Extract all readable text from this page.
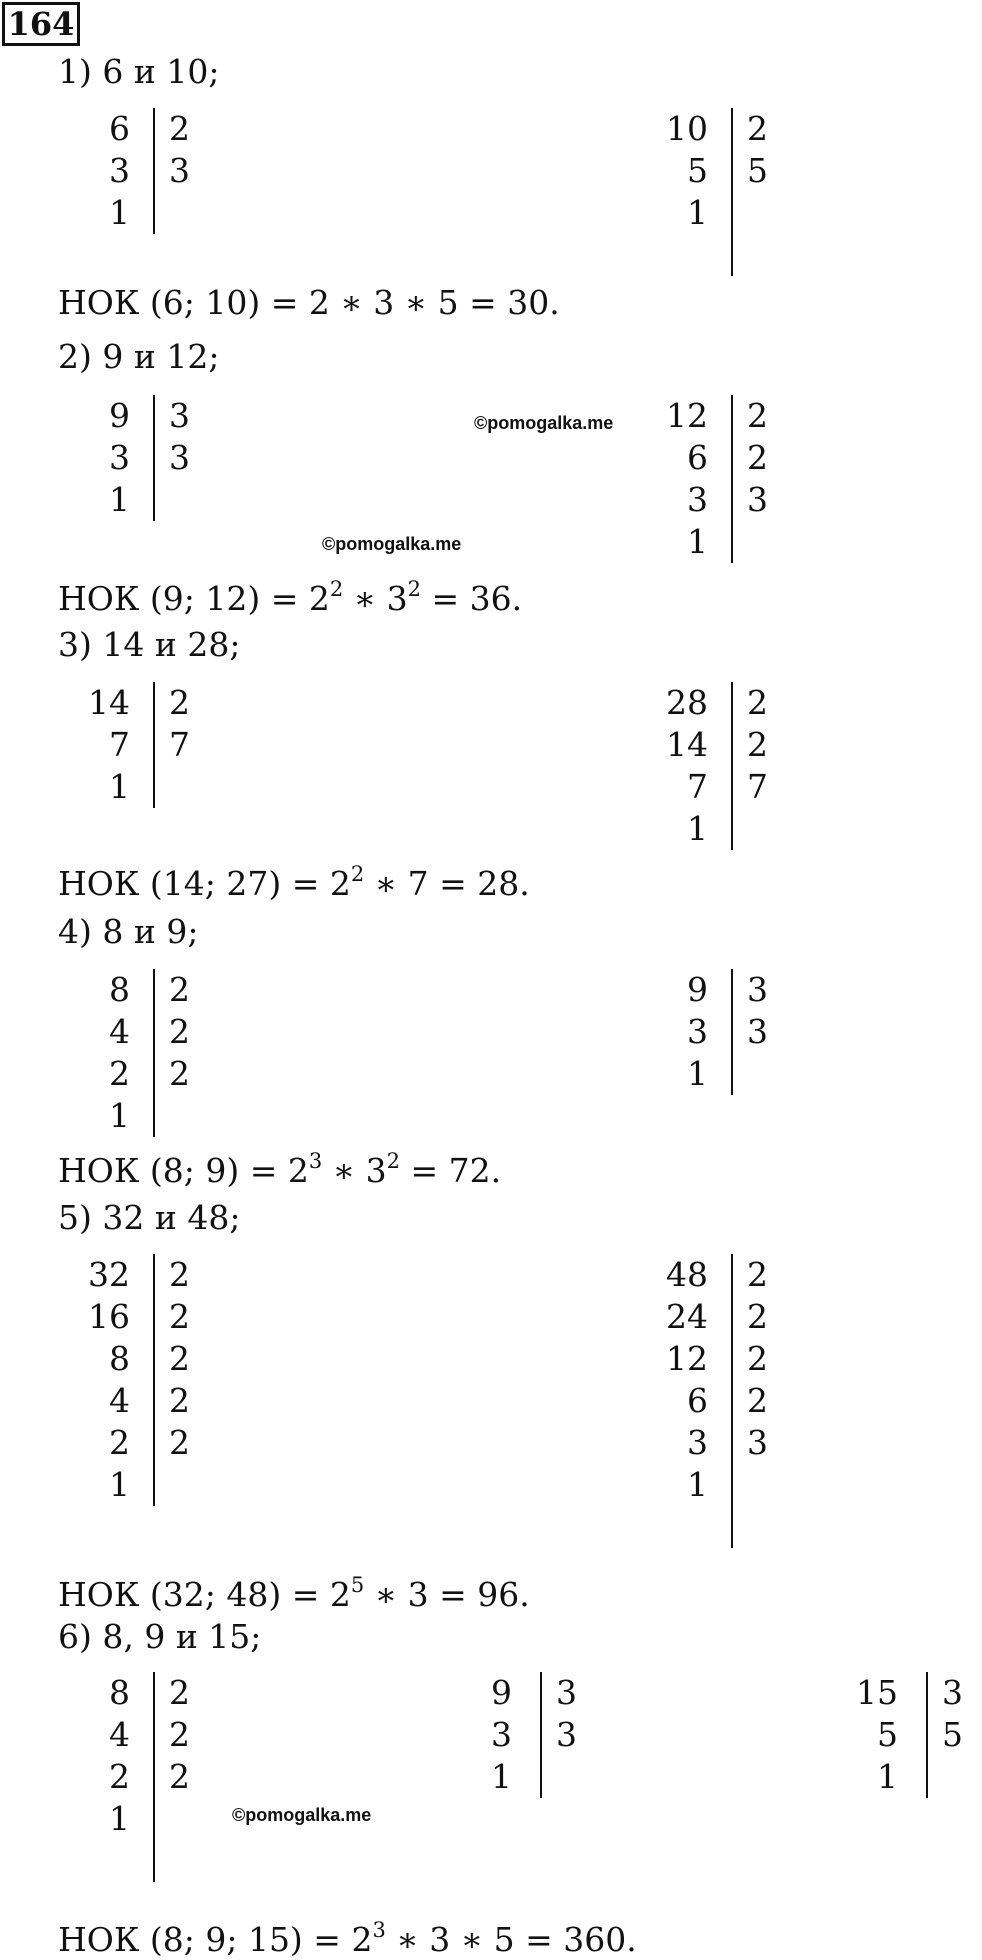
164
1) 6 и 10;
6 2
3 3
1
10 2
5 5
1
НОК (6; 10) = 2 ∗ 3 ∗ 5 = 30.
2) 9 и 12;
9 3
3 3
1
12 2
6 2
3 3
1
НОК (9; $12) = 2^2$ ∗ $3^2 = 36$.
3) 14 и 28;
14 2
7 7
1
28 2
14 2
7 7
1
НОК (14; $27) = 2^2$ ∗ 7 = 28.
4) 8 и 9;
8 2
4 2
2 2
1
9 3
3 3
1
НОК (8; $9) = 2^3$ ∗ $3^2 = 72$.
5) 32 и 48;
32 2
16 2
8 2
4 2
2 2
1
48 2
24 2
12 2
6 2
3 3
1
НОК (32; $48) = 2^5$ ∗ 3 = 96.
6) 8, 9 и 15;
8 2
4 2
2 2
1
9 3
3 3
1
15 3
5 5
1
НОК (8; 9; $15) = 2^3$ ∗ 3 ∗ 5 = 360.
©pomogalka.me
©pomogalka.me
©pomogalka.me
